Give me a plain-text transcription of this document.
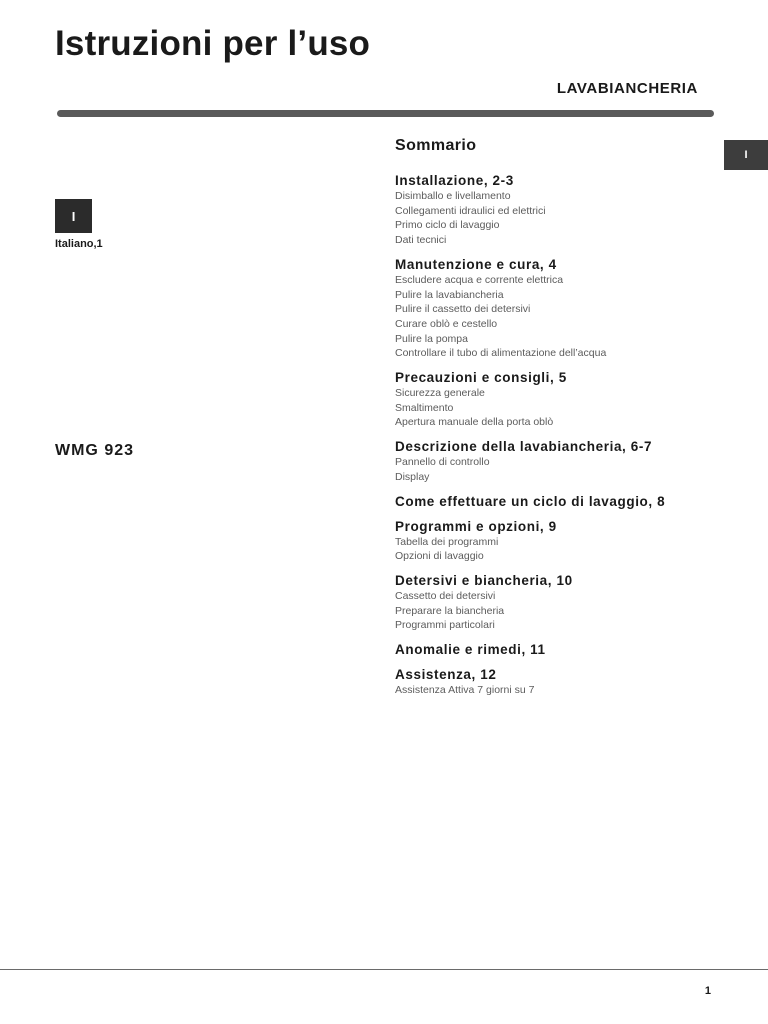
Istruzioni per l’uso
LAVABIANCHERIA
I
I
Italiano,1
WMG 923
Sommario
Installazione, 2-3
Disimballo e livellamento
Collegamenti idraulici ed elettrici
Primo ciclo di lavaggio
Dati tecnici
Manutenzione e cura, 4
Escludere acqua e corrente elettrica
Pulire la lavabiancheria
Pulire il cassetto dei detersivi
Curare oblò e cestello
Pulire la pompa
Controllare il tubo di alimentazione dell’acqua
Precauzioni e consigli, 5
Sicurezza generale
Smaltimento
Apertura manuale della porta oblò
Descrizione della lavabiancheria, 6-7
Pannello di controllo
Display
Come effettuare un ciclo di lavaggio, 8
Programmi e opzioni, 9
Tabella dei programmi
Opzioni di lavaggio
Detersivi e biancheria, 10
Cassetto dei detersivi
Preparare la biancheria
Programmi particolari
Anomalie e rimedi, 11
Assistenza, 12
Assistenza Attiva 7 giorni su 7
1
